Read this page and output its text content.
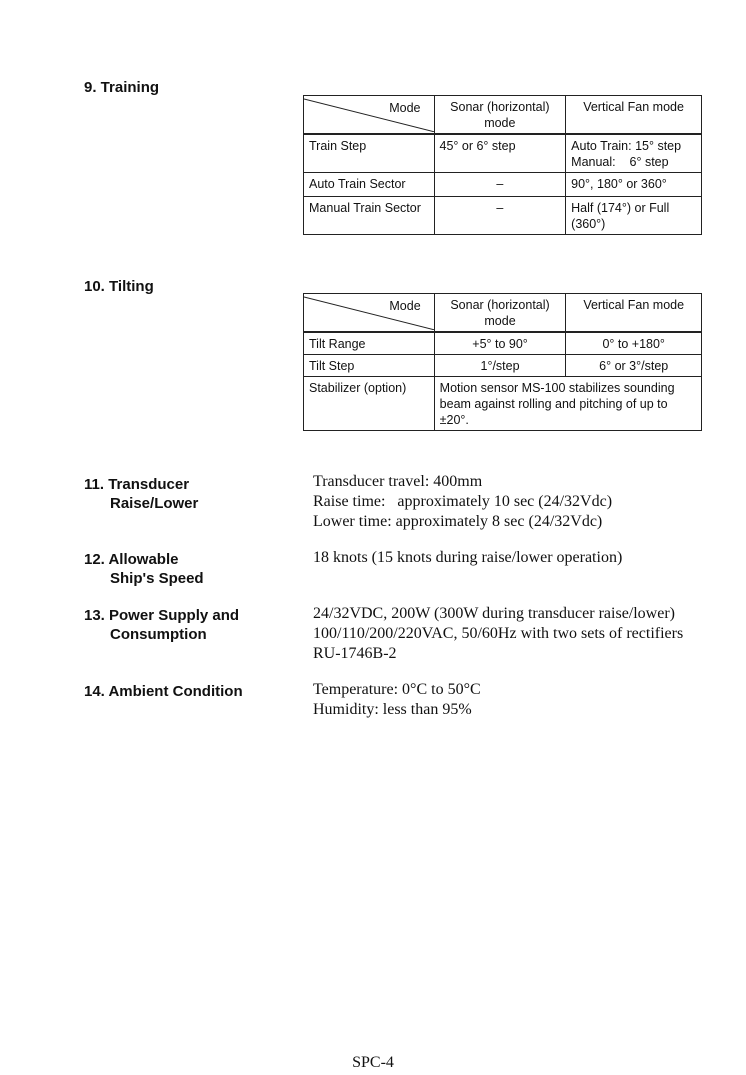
9. Training
Mode	Sonar (horizontal) mode	Vertical Fan mode
Train Step	45° or 6° step	Auto Train: 15° step
Manual:    6° step

Auto Train Sector	–	90°, 180° or 360°
Manual Train Sector	–	Half (174°) or Full (360°)
10. Tilting
Mode	Sonar (horizontal) mode	Vertical Fan mode
Tilt Range	+5° to 90°	0° to +180°
Tilt Step	1°/step	6° or 3°/step
Stabilizer (option)	Motion sensor MS-100 stabilizes sounding beam against rolling and pitching of up to ±20°.	
11. Transducer
Raise/Lower
Transducer travel: 400mm
Raise time:   approximately 10 sec (24/32Vdc)
Lower time: approximately 8 sec (24/32Vdc)
12. Allowable
Ship's Speed
18 knots (15 knots during raise/lower operation)
13. Power Supply and
Consumption
24/32VDC, 200W (300W during transducer raise/lower)
100/110/200/220VAC, 50/60Hz with two sets of rectifiers
RU-1746B-2
14. Ambient Condition	Temperature: 0°C to 50°C
Humidity: less than 95%
SPC-4
